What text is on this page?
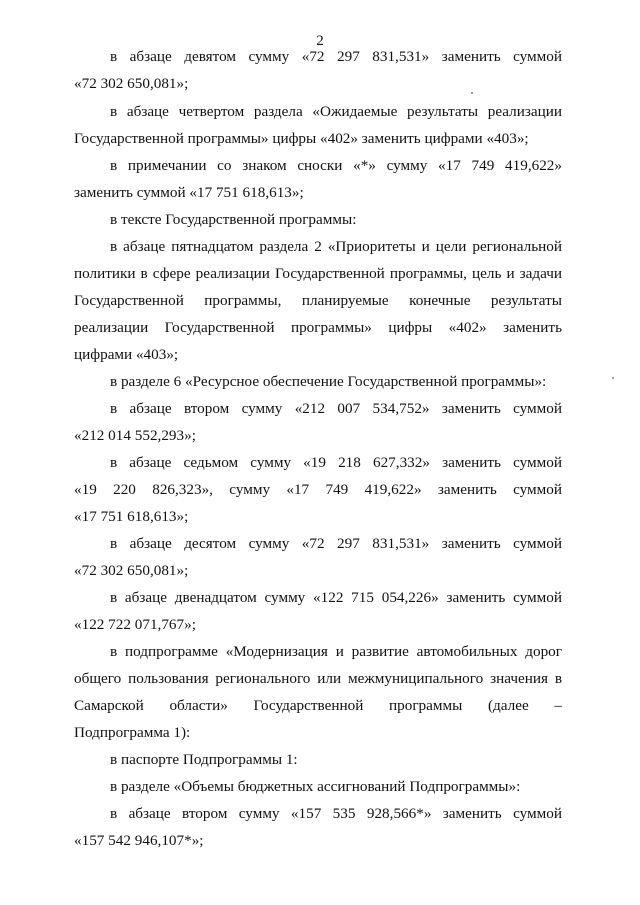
2
в абзаце девятом сумму «72 297 831,531» заменить суммой
«72 302 650,081»;
в абзаце четвертом раздела «Ожидаемые результаты реализации
Государственной программы» цифры «402» заменить цифрами «403»;
в примечании со знаком сноски «*» сумму «17 749 419,622»
заменить суммой «17 751 618,613»;
в тексте Государственной программы:
в абзаце пятнадцатом раздела 2 «Приоритеты и цели региональной
политики в сфере реализации Государственной программы, цель и задачи
Государственной программы, планируемые конечные результаты
реализации Государственной программы» цифры «402» заменить
цифрами «403»;
в разделе 6 «Ресурсное обеспечение Государственной программы»:
в абзаце втором сумму «212 007 534,752» заменить суммой
«212 014 552,293»;
в абзаце седьмом сумму «19 218 627,332» заменить суммой
«19 220 826,323», сумму «17 749 419,622» заменить суммой
«17 751 618,613»;
в абзаце десятом сумму «72 297 831,531» заменить суммой
«72 302 650,081»;
в абзаце двенадцатом сумму «122 715 054,226» заменить суммой
«122 722 071,767»;
в подпрограмме «Модернизация и развитие автомобильных дорог
общего пользования регионального или межмуниципального значения в
Самарской области» Государственной программы (далее –
Подпрограмма 1):
в паспорте Подпрограммы 1:
в разделе «Объемы бюджетных ассигнований Подпрограммы»:
в абзаце втором сумму «157 535 928,566*» заменить суммой
«157 542 946,107*»;
